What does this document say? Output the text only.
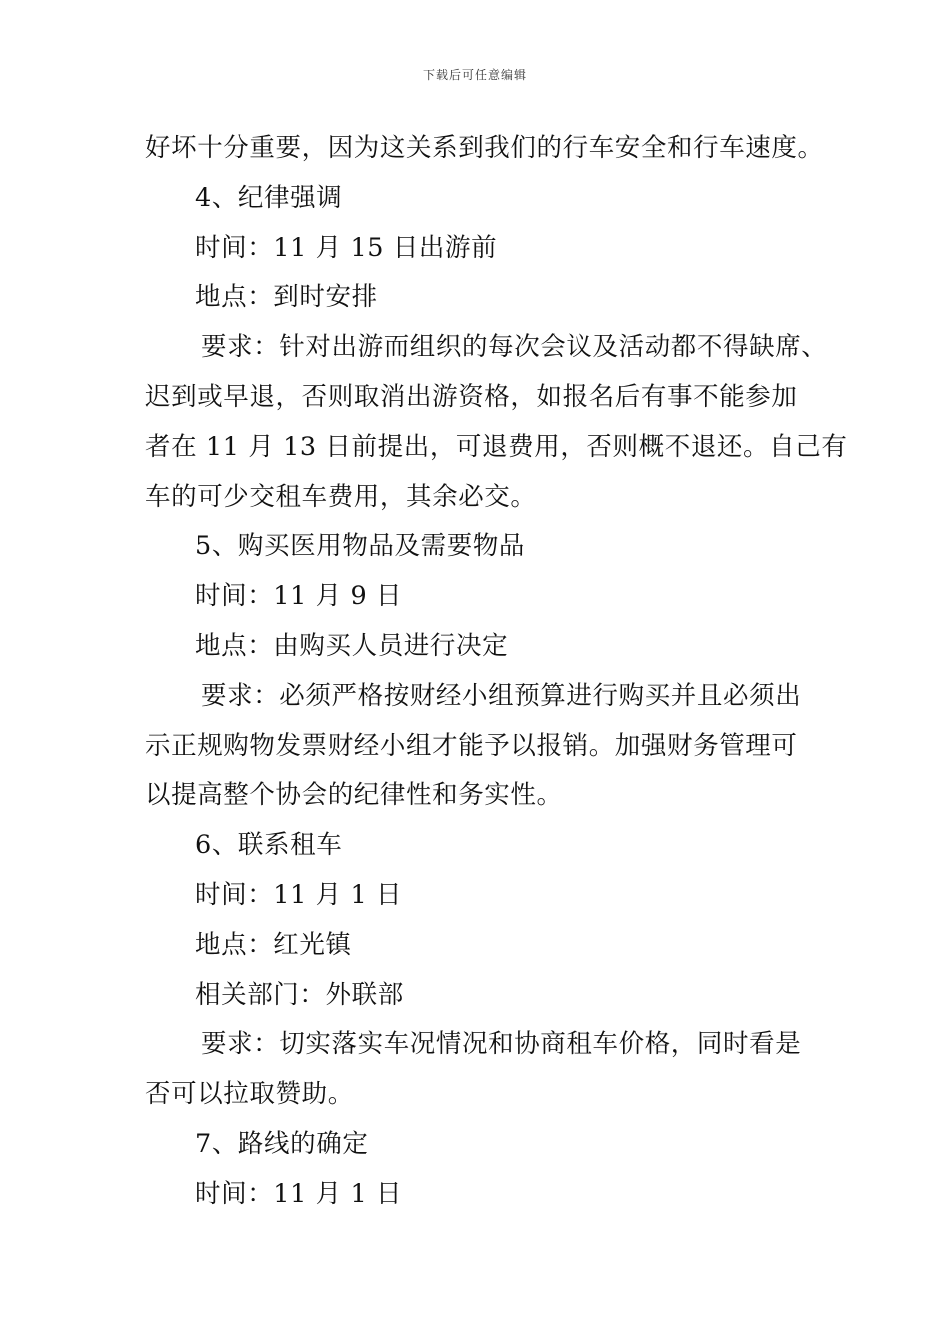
下载后可任意编辑
好坏十分重要，因为这关系到我们的行车安全和行车速度。
4、纪律强调
时间：11 月 15 日出游前
地点：到时安排
要求：针对出游而组织的每次会议及活动都不得缺席、
迟到或早退，否则取消出游资格，如报名后有事不能参加
者在 11 月 13 日前提出，可退费用，否则概不退还。自己有
车的可少交租车费用，其余必交。
5、购买医用物品及需要物品
时间：11 月 9 日
地点：由购买人员进行决定
要求：必须严格按财经小组预算进行购买并且必须出
示正规购物发票财经小组才能予以报销。加强财务管理可
以提高整个协会的纪律性和务实性。
6、联系租车
时间：11 月 1 日
地点：红光镇
相关部门：外联部
要求：切实落实车况情况和协商租车价格，同时看是
否可以拉取赞助。
7、路线的确定
时间：11 月 1 日
